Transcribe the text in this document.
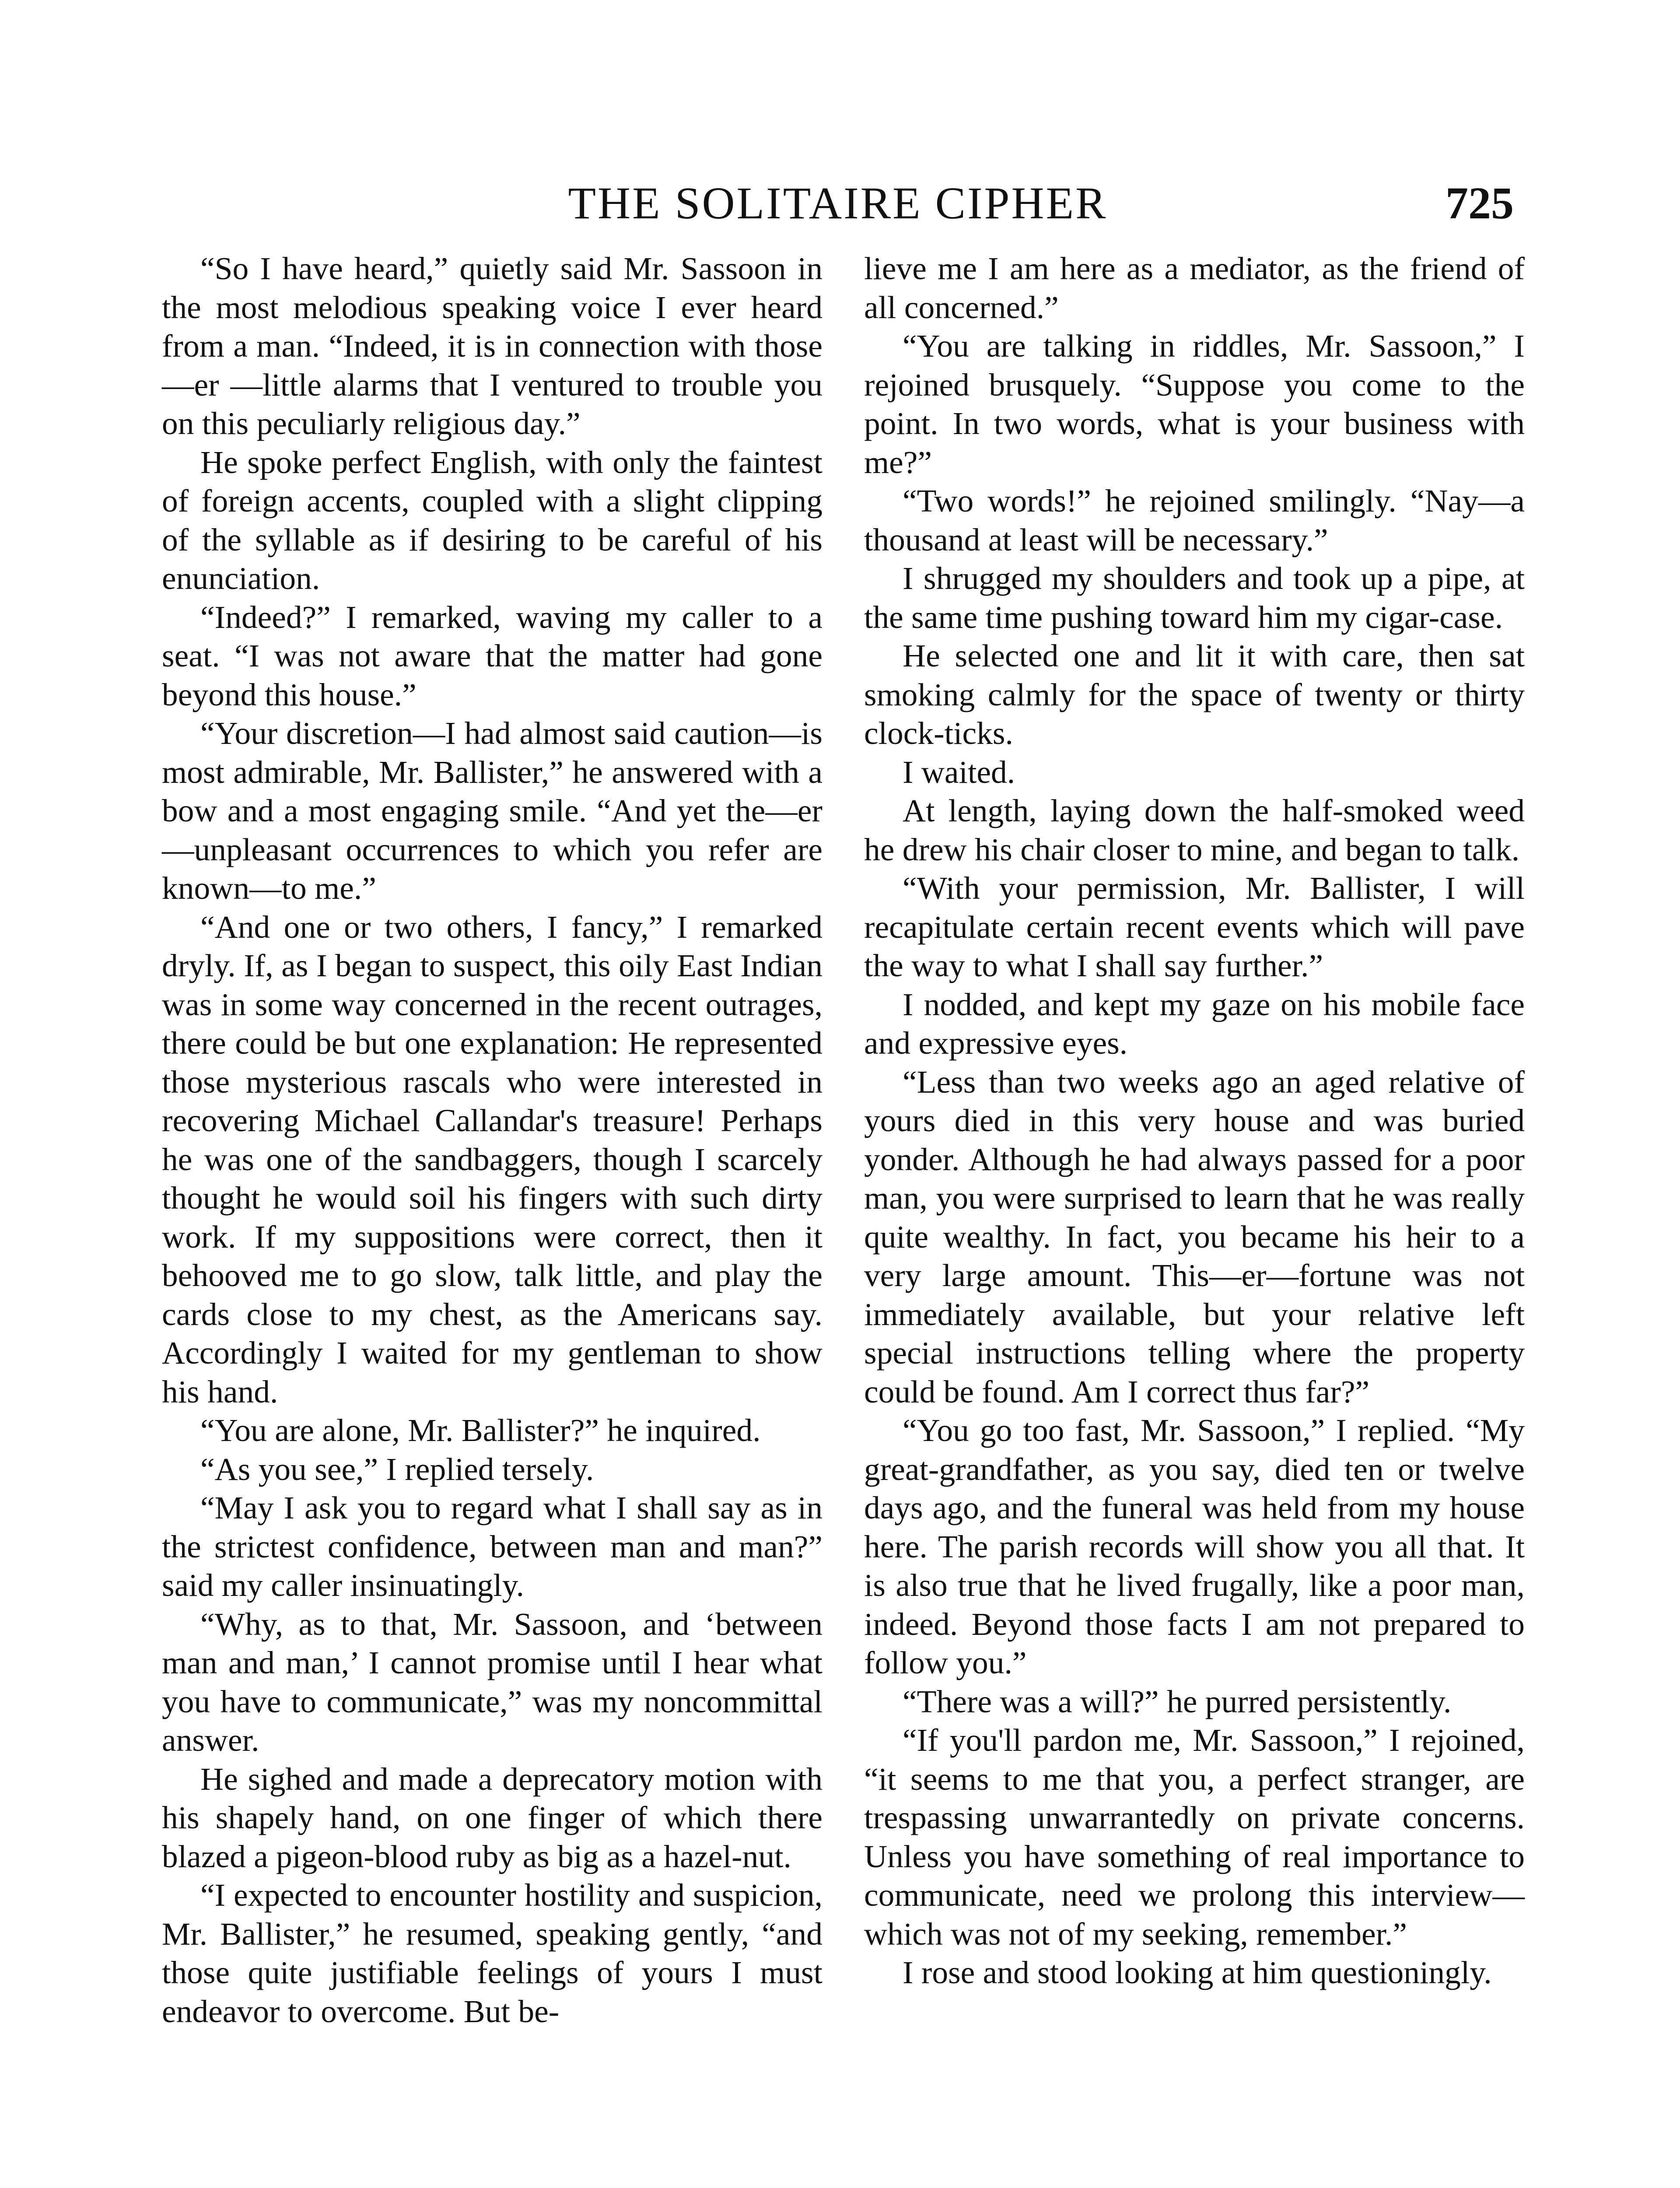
THE SOLITAIRE CIPHER	725

“So I have heard,” quietly said Mr. Sassoon in the most melodious speaking voice I ever heard from a man. “Indeed, it is in connection with those—er —little alarms that I ventured to trouble you on this peculiarly religious day.”

He spoke perfect English, with only the faintest of foreign accents, coupled with a slight clipping of the syllable as if desiring to be careful of his enunciation.

“Indeed?” I remarked, waving my caller to a seat. “I was not aware that the matter had gone beyond this house.”

“Your discretion—I had almost said caution—is most admirable, Mr. Ballister,” he answered with a bow and a most engaging smile. “And yet the—er —unpleasant occurrences to which you refer are known—to me.”

“And one or two others, I fancy,” I remarked dryly. If, as I began to suspect, this oily East Indian was in some way concerned in the recent outrages, there could be but one explanation: He represented those mysterious rascals who were interested in recovering Michael Callandar's treasure! Perhaps he was one of the sandbaggers, though I scarcely thought he would soil his fingers with such dirty work. If my suppositions were correct, then it behooved me to go slow, talk little, and play the cards close to my chest, as the Americans say. Accordingly I waited for my gentleman to show his hand.

“You are alone, Mr. Ballister?” he inquired.

“As you see,” I replied tersely.

“May I ask you to regard what I shall say as in the strictest confidence, between man and man?” said my caller insinuatingly.

“Why, as to that, Mr. Sassoon, and ‘between man and man,’ I cannot promise until I hear what you have to communicate,” was my noncommittal answer.

He sighed and made a deprecatory motion with his shapely hand, on one finger of which there blazed a pigeon-blood ruby as big as a hazel-nut.

“I expected to encounter hostility and suspicion, Mr. Ballister,” he resumed, speaking gently, “and those quite justifiable feelings of yours I must endeavor to overcome. But be-

lieve me I am here as a mediator, as the friend of all concerned.”

“You are talking in riddles, Mr. Sassoon,” I rejoined brusquely. “Suppose you come to the point. In two words, what is your business with me?”

“Two words!” he rejoined smilingly. “Nay—a thousand at least will be necessary.”

I shrugged my shoulders and took up a pipe, at the same time pushing toward him my cigar-case.

He selected one and lit it with care, then sat smoking calmly for the space of twenty or thirty clock-ticks.

I waited.

At length, laying down the half-smoked weed he drew his chair closer to mine, and began to talk.

“With your permission, Mr. Ballister, I will recapitulate certain recent events which will pave the way to what I shall say further.”

I nodded, and kept my gaze on his mobile face and expressive eyes.

“Less than two weeks ago an aged relative of yours died in this very house and was buried yonder. Although he had always passed for a poor man, you were surprised to learn that he was really quite wealthy. In fact, you became his heir to a very large amount. This—er—fortune was not immediately available, but your relative left special instructions telling where the property could be found. Am I correct thus far?”

“You go too fast, Mr. Sassoon,” I replied. “My great-grandfather, as you say, died ten or twelve days ago, and the funeral was held from my house here. The parish records will show you all that. It is also true that he lived frugally, like a poor man, indeed. Beyond those facts I am not prepared to follow you.”

“There was a will?” he purred persistently.

“If you'll pardon me, Mr. Sassoon,” I rejoined, “it seems to me that you, a perfect stranger, are trespassing unwarrantedly on private concerns. Unless you have something of real importance to communicate, need we prolong this interview—which was not of my seeking, remember.”

I rose and stood looking at him questioningly.
